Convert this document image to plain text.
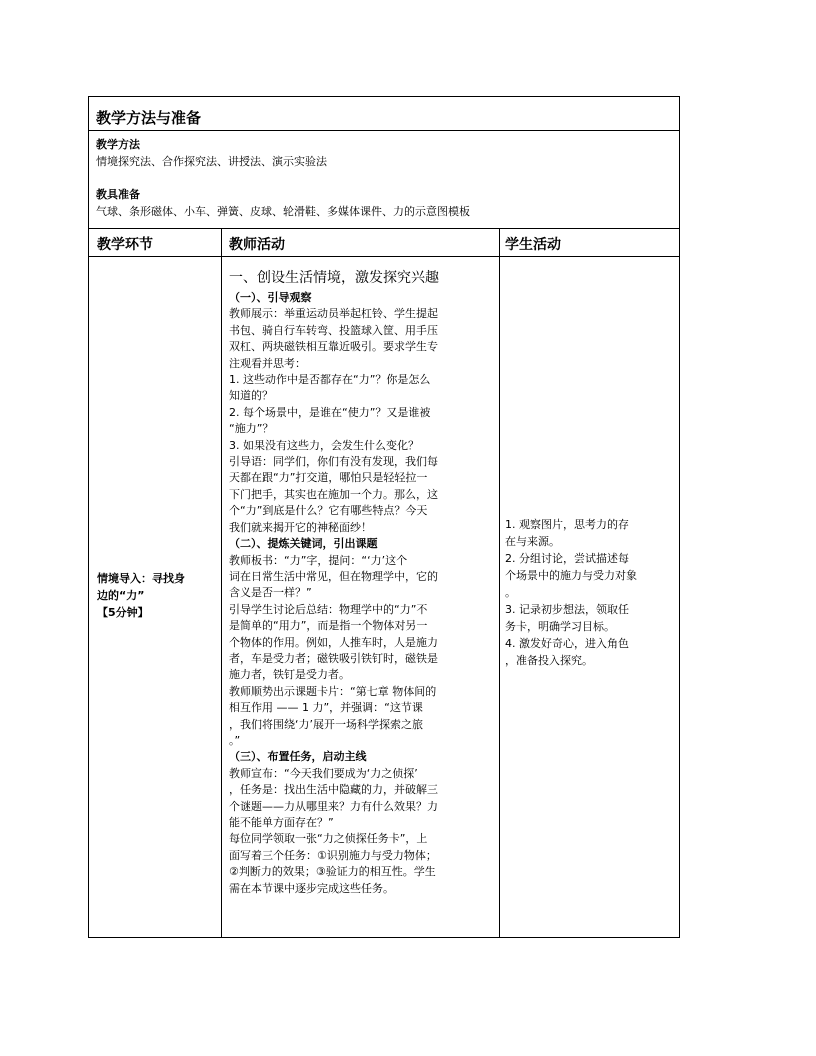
教学方法与准备
教学方法
情境探究法、合作探究法、讲授法、演示实验法
教具准备
气球、条形磁体、小车、弹簧、皮球、轮滑鞋、多媒体课件、力的示意图模板
教学环节	教师活动	学生活动
情境导入：寻找身
边的“力”
【5分钟】
一、创设生活情境，激发探究兴趣
（一）、引导观察
教师展示：举重运动员举起杠铃、学生提起
书包、骑自行车转弯、投篮球入筐、用手压
双杠、两块磁铁相互靠近吸引。要求学生专
注观看并思考：
1. 这些动作中是否都存在“力”？你是怎么
知道的？
2. 每个场景中，是谁在“使力”？又是谁被
“施力”？
3. 如果没有这些力，会发生什么变化？
引导语：同学们，你们有没有发现，我们每
天都在跟“力”打交道，哪怕只是轻轻拉一
下门把手，其实也在施加一个力。那么，这
个“力”到底是什么？它有哪些特点？今天
我们就来揭开它的神秘面纱！
（二）、提炼关键词，引出课题
教师板书：“力”字，提问：“‘力’这个
词在日常生活中常见，但在物理学中，它的
含义是否一样？”
引导学生讨论后总结：物理学中的“力”不
是简单的“用力”，而是指一个物体对另一
个物体的作用。例如，人推车时，人是施力
者，车是受力者；磁铁吸引铁钉时，磁铁是
施力者，铁钉是受力者。
教师顺势出示课题卡片：“第七章 物体间的
相互作用 —— 1 力”，并强调：“这节课
，我们将围绕‘力’展开一场科学探索之旅
。”
（三）、布置任务，启动主线
教师宣布：“今天我们要成为‘力之侦探’
，任务是：找出生活中隐藏的力，并破解三
个谜题——力从哪里来？力有什么效果？力
能不能单方面存在？”
每位同学领取一张“力之侦探任务卡”，上
面写着三个任务：①识别施力与受力物体；
②判断力的效果；③验证力的相互性。学生
需在本节课中逐步完成这些任务。
1. 观察图片，思考力的存
在与来源。
2. 分组讨论，尝试描述每
个场景中的施力与受力对象
。
3. 记录初步想法，领取任
务卡，明确学习目标。
4. 激发好奇心，进入角色
，准备投入探究。
